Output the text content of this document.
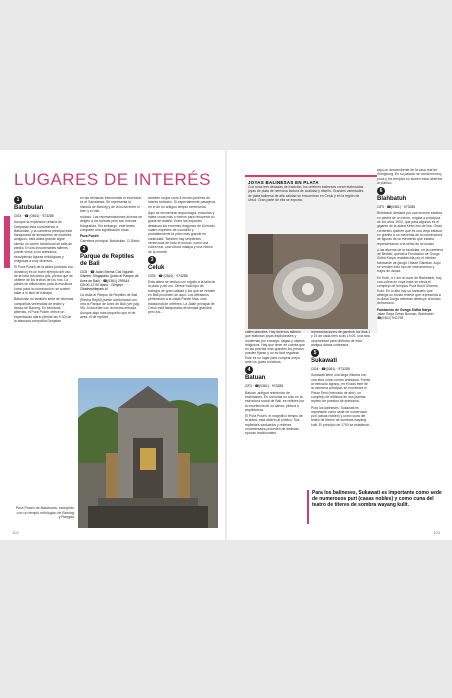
EXPLORAR Centro de Bali
LUGARES DE INTERÉS
1
Batubulan
⊡G4 · ☎ (0361) · 973285

Aunque la expansión urbana de Denpasar está convirtiendo a Batubulan, y la carretera principal está flanqueada de almacenes de muebles antiguos, esta aldea grande sigue siendo un centro tradicional de talla de piedra. En los innumerables talleres puede verse a los artesanos esculpiendo figuras mitológicas y religiosas a muy diversos...

El Pura Puseh de la aldea (entrada con donativo) es un buen ejemplo del uso de la toba volcánica gris, piedra que se obtiene de los lechos de los ríos. La piedra se utiliza tanto para la escultura como para la construcción; se suelen tallar a lo fácil de trabajar.

Batubulan es también sede de diversas compañías veneradas de teatro y danza de Barong. En semanas alternas, el Pura Puseh ofrece un espectáculo diario (desde las 9.30) de la afamada compañía Denjalan.

en las semanas intermedias el escenario es el Sahadewa. Se representa la historia de Barong y de la lucha entre el bien y el mal...

ruidoso. Las representaciones diurnas se dirigen a los turistas pero son buenas fotografías. Sin embargo, este teatro comparte una significación ritual.

Pura Puseh

Carretera principal, Batubulan. ⊡ Diario

2
Parque de Reptiles de Bali
⊡C8 · ☎ Jalan Serma Cok Ngurah Gambir, Singapadu (junto al Parque de Aves de Bali) · ☎(0361) 299344 · ⊡9.00-17.00 diario · ⊡Nyepi · ⊡balireptilepark.id

La visita al Parque de Reptiles de Bali (Rimba Reptil) puede combinarse con otra al Parque de Aves de Bali (ver pág. 96). Al acceder con la misma entrada. Aunque algo más pequeño que el de aves, el de reptiles

también ocupa unos 8 recinto jardines de interés botánico. Si especialmente pasajeros en el de un antiguo templo ceremonial.

Aquí se encuentran arqueología, escuelas y hasta rocas más o menos para recuperar su gloria de antaño. Entre las especies destacan los enormes dragones de Komodo, cuatro especies de cocodrilo y probablemente la pitón más grande en cautividad. También hay serpientes venenosas de todo el mundo, como una cobra real, una víbora malaya y una víbora de la muerte.

3
Celuk
⊡G5 · ☎ (0361) · 973285

Esta aldea se dedica con orgullo a la talla de la plata y del oro. Ofrece todo tipo de trabajos de gran calidad y los que se venden en Bali proceden de aquí. Los artesanos pertenecen a la casta Pande Mas, clan tradicional de orfebres. La Jalan principal de Celuk está flanqueada de tiendas grandes, pero los...

Pura Puseh de Batubulan, esculpido con un templo mitológico de Barong y Rangda
102
JOYAS BALINESAS EN PLATA
Con unas tres décadas de tradición, los orfebres balineses crean elaboradas joyas de plata de hermosa factura de cualidad y diseño. Grandes variedades de plata balinesa de alta calidad se encuentran en Celuk y en la región de Ubud. Gran parte de ella se exporta.

calles laterales. Hay diversos talleres que elaboran joyas tradicionales y modernas por encargo; dagas y objetos religiosos. Hay que tener en cuenta que en las puertas más grandes los precios pueden fijarse y no es fácil regatear. Éste es un lugar para comprar mejor ante los guías turísticos.

4
Batuan
⊡F3 · ☎(0361) · 973285

Batuan, antigua residencia de brahmanes. Es conocida no solo en la estructura social de Bali, es célebre por la excelencia de su danza, pintura y arquitectura.

El Pura Puseh, el magnífico templo de la aldea, está abierto al público. Sus repliestes santuarios y relieves ornamentales proceden de distintas épocas tradicionales.

representaciones de gambuh los días 1 y 15 de cada mes a las 19.00, una rara oportunidad para disfrutar de esta antigua danza cortesana.

5
Sukawati
⊡G4 · ☎(0361) · 973285

Sukawati tiene una larga historia con una feria como centro artesanal. Frente al mercado agrario, en el lado este de la carretera principal, se encuentra el Pasar Seni (mercado de arte), un complejo de edificios de dos plantas repleto de puestos de artesanía.

Pura los balineses, Sukawati es importante como sede de numerosos puri (casas nobles) y como cuna del teatro de títeres de sombras wayang kulit. El principio de 1700 se estableció

aquí un descendiente de la casa real de Klungkung. En su palacio se conserva muy poca y los templos no suelen estar abiertos al público.

6
Blahbatuh
⊡F3 · ☎(0361) · 973285

Blahbatuh destaca por una enorme estatua en piedra de un héroe, erigida a principios de los años 1900, que para algunos es el gigante de la aldea Kebo Iwo de Iwa. Otras corrientes quieren que es una vieja estatua en granito a un mecenas de la constructora de figuras de un elemento que estaba representando a la señal de la ciudad.

A las afueras de la localidad, en la carretera de Bedulu, queda la Fundación de Gongs Sidha Karya, establecida por el célebre fabricante de gongs I Made Gabelan. Aquí se venden todo tipo de instrumentos y trajes de danza.

En Kutri, a 1 km al norte de Blahbatuh, hay una colina en cuya base se eleva el complejo de templos Pura Bukit Dharma Kutri. En lo alto hay un santuario que alberga un bonito relieve que representa a la diosa Durga mientras destruye al búfalo demoníaco.

Fundación de Gongs Sidha Karya

Jalan Raya Getas Burwan, Blahbatuh · ☎(0361) 942798

Para los balineses, Sukawati es importante como sede de numerosos puri (casas nobles) y como cuna del teatro de títeres de sombra wayang kulit.
103
